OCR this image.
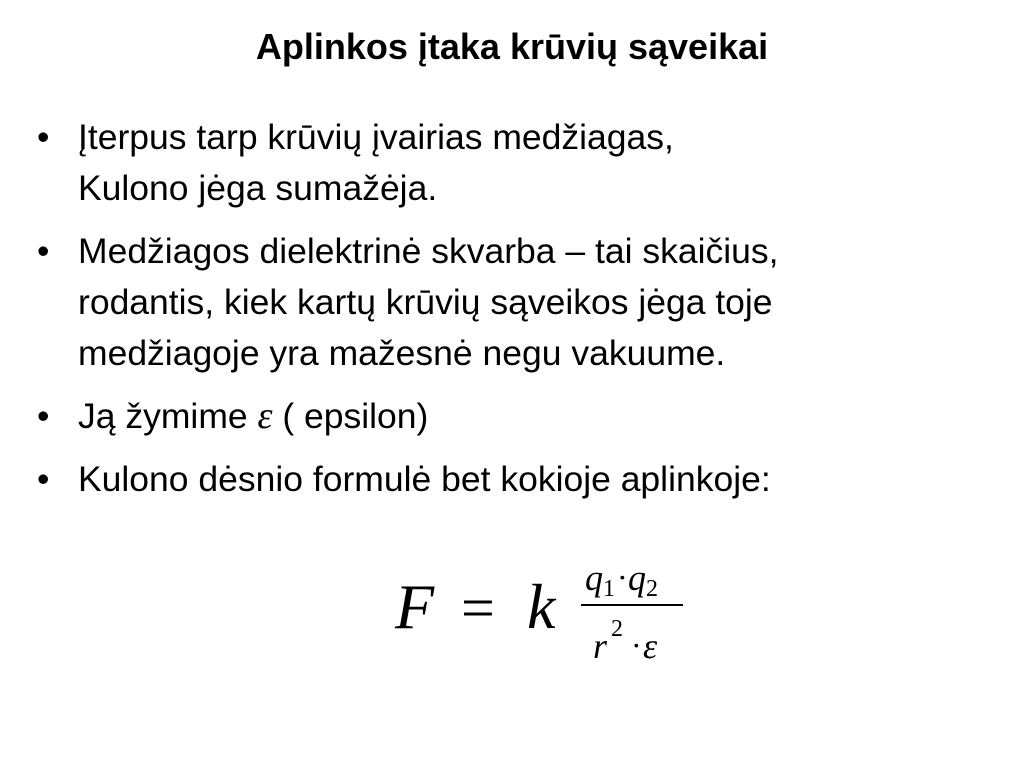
Aplinkos įtaka krūvių sąveikai
• Įterpus tarp krūvių įvairias medžiagas,
Kulono jėga sumažėja.
• Medžiagos dielektrinė skvarba – tai skaičius,
rodantis, kiek kartų krūvių sąveikos jėga toje
medžiagoje yra mažesnė negu vakuume.
• Ją žymime ε ( epsilon)
• Kulono dėsnio formulė bet kokioje aplinkoje:
F = k q 1 · q 2
r 2 · ε
